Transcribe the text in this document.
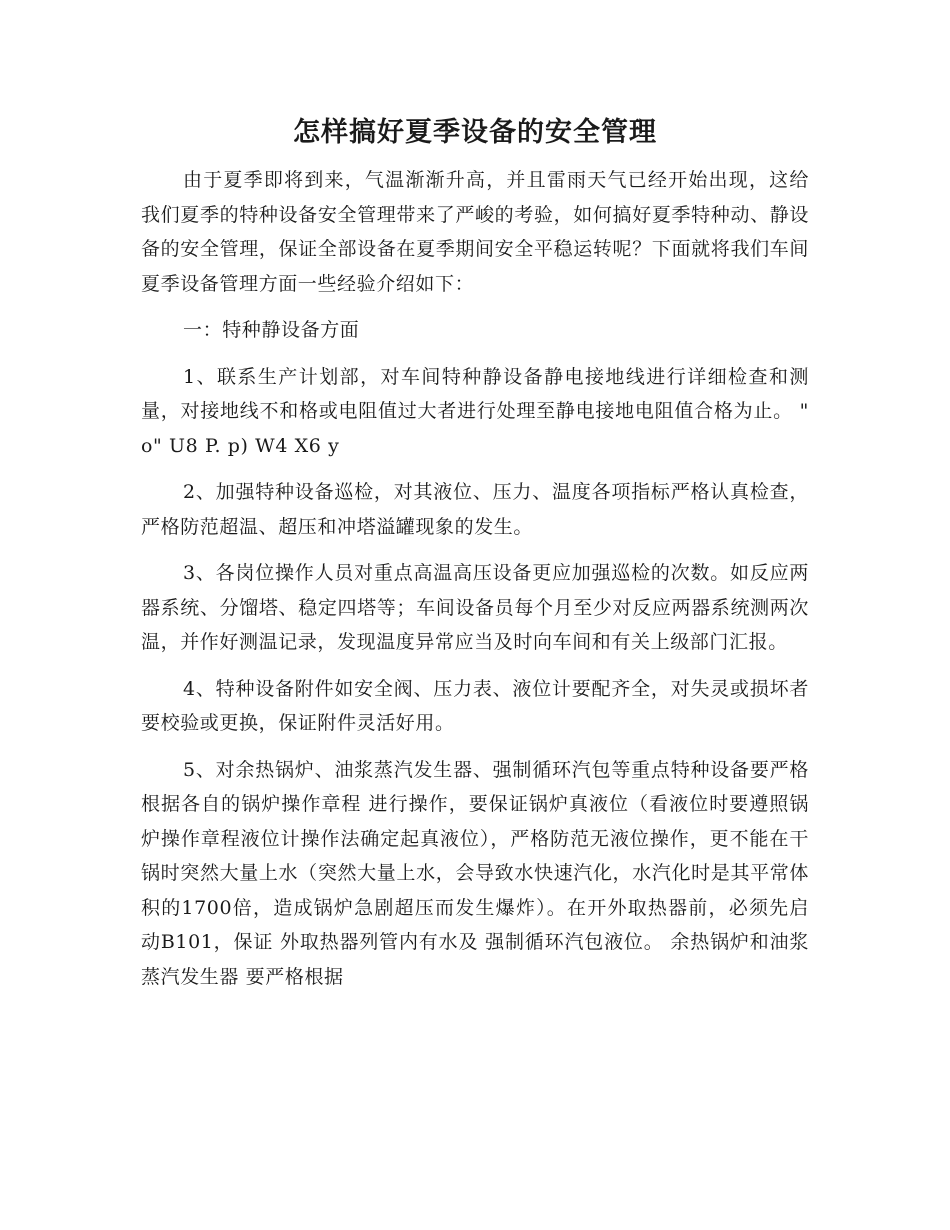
怎样搞好夏季设备的安全管理

由于夏季即将到来，气温渐渐升高，并且雷雨天气已经开始出现，这给我们夏季的特种设备安全管理带来了严峻的考验，如何搞好夏季特种动、静设备的安全管理，保证全部设备在夏季期间安全平稳运转呢？下面就将我们车间夏季设备管理方面一些经验介绍如下：

一：特种静设备方面

1、联系生产计划部，对车间特种静设备静电接地线进行详细检查和测量，对接地线不和格或电阻值过大者进行处理至静电接地电阻值合格为止。 " o" U8 P. p) W4 X6 y

2、加强特种设备巡检，对其液位、压力、温度各项指标严格认真检查，严格防范超温、超压和冲塔溢罐现象的发生。

3、各岗位操作人员对重点高温高压设备更应加强巡检的次数。如反应两器系统、分馏塔、稳定四塔等；车间设备员每个月至少对反应两器系统测两次温，并作好测温记录，发现温度异常应当及时向车间和有关上级部门汇报。

4、特种设备附件如安全阀、压力表、液位计要配齐全，对失灵或损坏者要校验或更换，保证附件灵活好用。

5、对余热锅炉、油浆蒸汽发生器、强制循环汽包等重点特种设备要严格根据各自的锅炉操作章程 进行操作，要保证锅炉真液位（看液位时要遵照锅炉操作章程液位计操作法确定起真液位），严格防范无液位操作，更不能在干锅时突然大量上水（突然大量上水，会导致水快速汽化，水汽化时是其平常体积的1700倍，造成锅炉急剧超压而发生爆炸）。在开外取热器前，必须先启动B101，保证 外取热器列管内有水及 强制循环汽包液位。 余热锅炉和油浆蒸汽发生器 要严格根据
